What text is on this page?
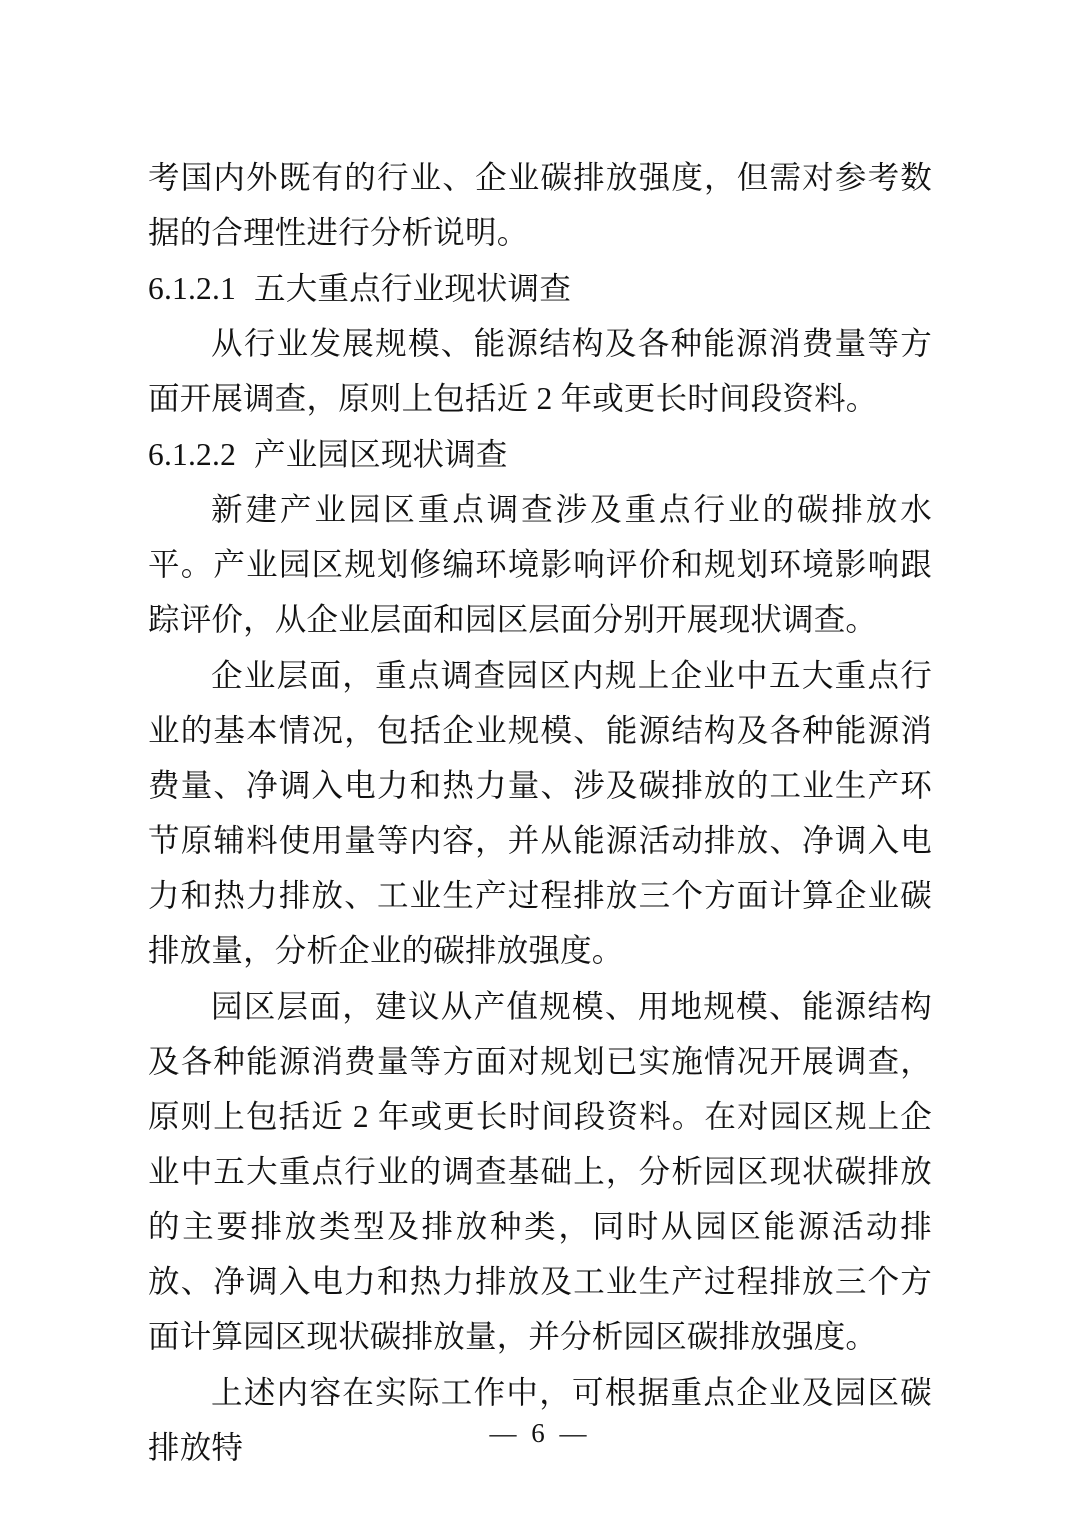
考国内外既有的行业、企业碳排放强度，但需对参考数据的合理性进行分析说明。

6.1.2.1 五大重点行业现状调查

从行业发展规模、能源结构及各种能源消费量等方面开展调查，原则上包括近 2 年或更长时间段资料。

6.1.2.2 产业园区现状调查

新建产业园区重点调查涉及重点行业的碳排放水平。产业园区规划修编环境影响评价和规划环境影响跟踪评价，从企业层面和园区层面分别开展现状调查。

企业层面，重点调查园区内规上企业中五大重点行业的基本情况，包括企业规模、能源结构及各种能源消费量、净调入电力和热力量、涉及碳排放的工业生产环节原辅料使用量等内容，并从能源活动排放、净调入电力和热力排放、工业生产过程排放三个方面计算企业碳排放量，分析企业的碳排放强度。

园区层面，建议从产值规模、用地规模、能源结构及各种能源消费量等方面对规划已实施情况开展调查，原则上包括近 2 年或更长时间段资料。在对园区规上企业中五大重点行业的调查基础上，分析园区现状碳排放的主要排放类型及排放种类，同时从园区能源活动排放、净调入电力和热力排放及工业生产过程排放三个方面计算园区现状碳排放量，并分析园区碳排放强度。

上述内容在实际工作中，可根据重点企业及园区碳排放特	— 6 —
